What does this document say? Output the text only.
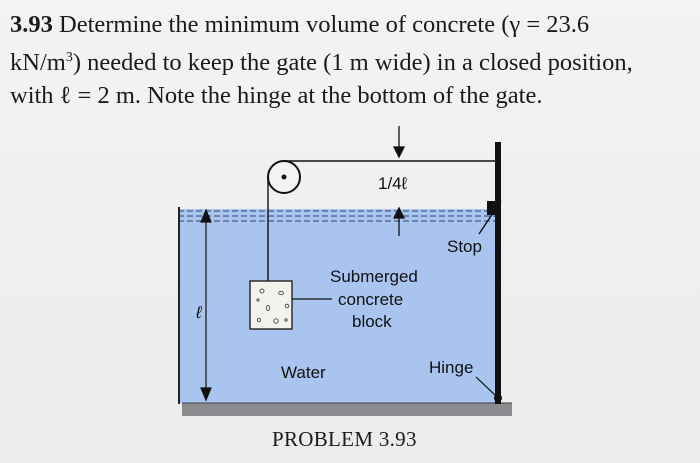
3.93 Determine the minimum volume of concrete (γ = 23.6
$kN/m^3$) needed to keep the gate (1 m wide) in a closed position,
with ℓ = 2 m. Note the hinge at the bottom of the gate.
1/4ℓ
Stop
Submerged
concrete
block
ℓ
Water	Hinge
PROBLEM 3.93
